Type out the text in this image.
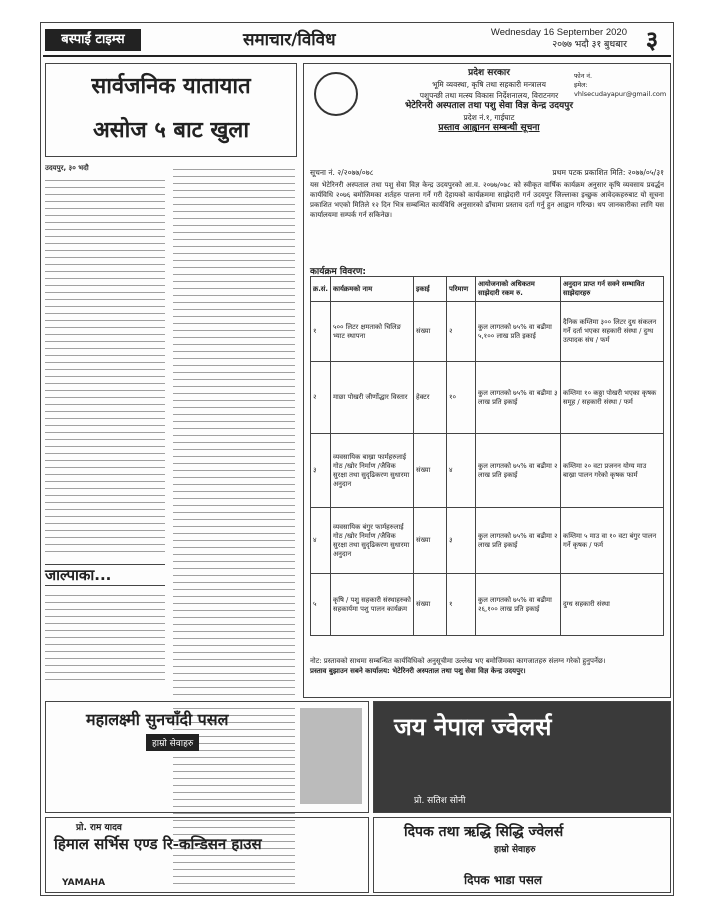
बस्पाईं टाइम्स	समाचार/विविध	Wednesday 16 September 2020
२०७७ भदौ ३१ बुधबार ३
सार्वजनिक यातायात
असोज ५ बाट खुला

उदयपुर, ३० भदौ

जाल्पाका...
प्रदेश सरकार
भूमि व्यवस्था, कृषि तथा सहकारी मन्त्रालय
पशुपन्छी तथा मत्स्य विकास निर्देशनालय, विराटनगर
भेटेरिनरी अस्पताल तथा पशु सेवा विज्ञ केन्द्र उदयपुर
प्रदेश नं.१, गाईघाट
प्रस्ताव आह्वानन सम्बन्धी सूचना
फोन नं.
इमेल: vhlsecudayapur@gmail.com
सूचना नं. २/२०७७/०७८	प्रथम पटक प्रकाशित मिति: २०७७/०५/३१
यस भेटेरिनरी अस्पताल तथा पशु सेवा विज्ञ केन्द्र उदयपुरको आ.व. २०७७/०७८ को स्वीकृत वार्षिक कार्यक्रम अनुसार कृषि व्यवसाय प्रवर्द्धन कार्यविधि २०७६ बमोजिमका शर्तहरु पालना गर्ने गरी देहायको कार्यक्रममा साझेदारी गर्न उदयपुर जिल्लाका इच्छुक आवेदकहरुबाट यो सूचना प्रकाशित भएको मितिले १२ दिन भित्र सम्बन्धित कार्यविधि अनुसारको ढाँचामा प्रस्ताव दर्ता गर्नु हुन आह्वान गरिन्छ। थप जानकारीका लागि यस कार्यालयमा सम्पर्क गर्न सकिनेछ।
कार्यक्रम विवरण:
क्र.सं.	कार्यक्रमको नाम	इकाई	परिमाण	आयोजनाको अधिकतम साझेदारी रकम रु.	अनुदान प्राप्त गर्न सक्ने सम्भावित साझेदारहरु
१	५०० लिटर क्षमताको चिलिङ भ्याट स्थापना	संख्या	२	कुल लागतको ७५% वा बढीमा ५,१०० लाख प्रति इकाई	दैनिक कम्तिमा ३०० लिटर दुध संकलन गर्ने दर्ता भएका सहकारी संस्था / दुग्ध उत्पादक संघ / फर्म
२	माछा पोखरी जीर्णोद्धार विस्तार	हेक्टर	१०	कुल लागतको ७५% वा बढीमा ३ लाख प्रति इकाई	कम्तिमा १० कठ्ठा पोखरी भएका कृषक समूह / सहकारी संस्था / फर्म
३	व्यवसायिक बाख्रा फार्महरुलाई गोठ /खोर निर्माण /जैविक सुरक्षा तथा सुदृढिकरण सुधारमा अनुदान	संख्या	४	कुल लागतको ७५% वा बढीमा २ लाख प्रति इकाई	कम्तिमा २० वटा प्रजनन योग्य माउ बाख्रा पालन गरेको कृषक फार्म
४	व्यवसायिक बंगुर फार्महरुलाई गोठ /खोर निर्माण /जैविक सुरक्षा तथा सुदृढिकरण सुधारमा अनुदान	संख्या	३	कुल लागतको ७५% वा बढीमा २ लाख प्रति इकाई	कम्तिमा ५ माउ वा १० वटा बंगुर पालन गर्ने कृषक / फर्म
५	कृषि / पशु सहकारी संस्थाहरुको सहकार्यमा पशु पालन कार्यक्रम	संख्या	१	कुल लागतको ७५% वा बढीमा २६,१०० लाख प्रति इकाई	दुग्ध सहकारी संस्था
नोट: प्रस्तावको साथमा सम्बन्धित कार्यविधिको अनुसूचीमा उल्लेख भए बमोजिमका कागजातहरु संलग्न गरेको हुनुपर्नेछ।
प्रस्ताव बुझाउन सबने कार्यालय: भेटेरिनरी अस्पताल तथा पशु सेवा विज्ञ केन्द्र उदयपुर।
महालक्ष्मी सुनचाँदी पसल
हाम्रो सेवाहरु
जय नेपाल ज्वेलर्स
प्रो. सतिश सोनी
प्रो. राम यादव
हिमाल सर्भिस एण्ड रि-कन्डिसन हाउस
YAMAHA
दिपक तथा ऋद्धि सिद्धि ज्वेलर्स
हाम्रो सेवाहरु
दिपक भाडा पसल
